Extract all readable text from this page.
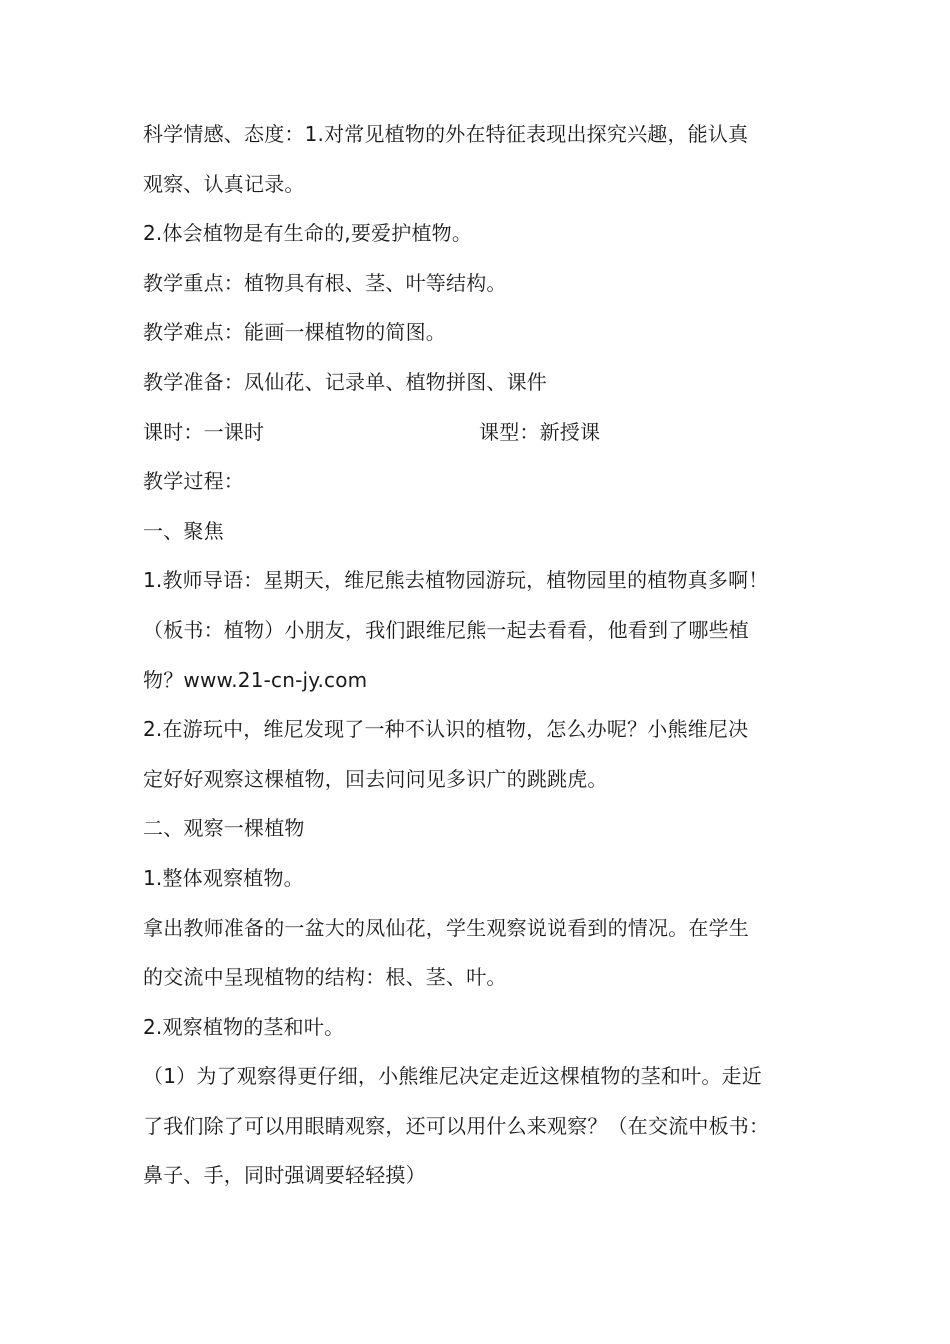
科学情感、态度：1.对常见植物的外在特征表现出探究兴趣，能认真
观察、认真记录。
2.体会植物是有生命的,要爱护植物。
教学重点：植物具有根、茎、叶等结构。
教学难点：能画一棵植物的简图。
教学准备：凤仙花、记录单、植物拼图、课件
课时：一课时	课型：新授课
教学过程：
一、聚焦
1.教师导语：星期天，维尼熊去植物园游玩，植物园里的植物真多啊！
（板书：植物）小朋友，我们跟维尼熊一起去看看，他看到了哪些植
物？www.21-cn-jy.com
2.在游玩中，维尼发现了一种不认识的植物，怎么办呢？小熊维尼决
定好好观察这棵植物，回去问问见多识广的跳跳虎。
二、观察一棵植物
1.整体观察植物。
拿出教师准备的一盆大的凤仙花，学生观察说说看到的情况。在学生
的交流中呈现植物的结构：根、茎、叶。
2.观察植物的茎和叶。
（1）为了观察得更仔细，小熊维尼决定走近这棵植物的茎和叶。走近
了我们除了可以用眼睛观察，还可以用什么来观察？（在交流中板书：
鼻子、手，同时强调要轻轻摸）
